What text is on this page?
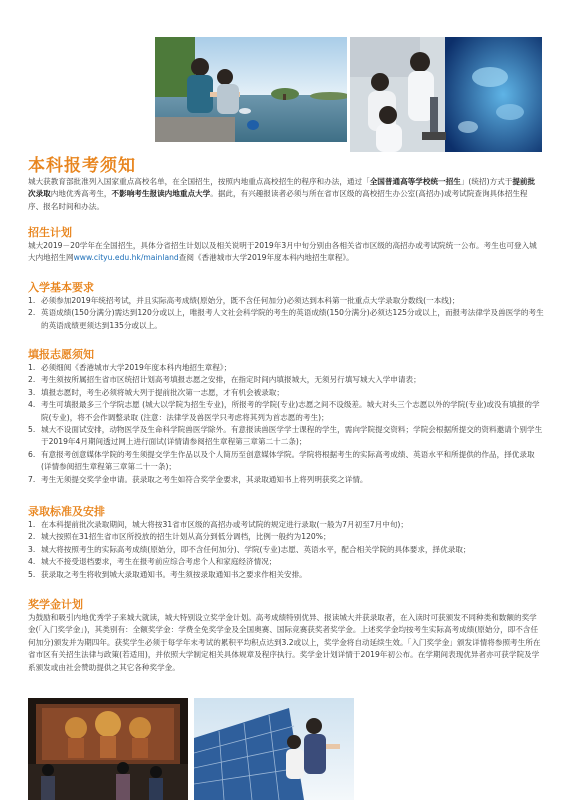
本科报考须知

城大获教育部批准列入国家重点高校名单，在全国招生，按照内地重点高校招生的程序和办法，通过「全国普通高等学校统一招生」(统招)方式于提前批次录取内地优秀高考生，不影响考生报读内地重点大学。据此，有兴趣报读者必须与所在省市区级的高校招生办公室(高招办)或考试院查询具体招生程序、报名时间和办法。

招生计划

城大2019－20学年在全国招生，具体分省招生计划以及相关说明于2019年3月中旬分别由各相关省市区级的高招办或考试院统一公布。考生也可登入城大内地招生网www.cityu.edu.hk/mainland查阅《香港城市大学2019年度本科内地招生章程》。

入学基本要求
1. 必须参加2019年统招考试，并且实际高考成绩(原始分，既不含任何加分)必须达到本科第一批重点大学录取分数线(一本线)；
2. 英语成绩(150分满分)需达到120分或以上，唯报考人文社会科学院的考生的英语成绩(150分满分)必须达125分或以上，而报考法律学及兽医学的考生的英语成绩更须达到135分或以上。
填报志愿须知
1. 必须细阅《香港城市大学2019年度本科内地招生章程》；
2. 考生须按所属招生省市区统招计划高考填报志愿之安排，在指定时间内填报城大，无须另行填写城大入学申请表；
3. 填报志愿时，考生必须将城大列于提前批次第一志愿，才有机会被录取；
4. 考生可填报最多三个学院志愿 (城大以学院为招生专业)，所报考的学院(专业)志愿之间不设级差。城大对头三个志愿以外的学院(专业)或没有填报的学院(专业)，将不会作调整录取 (注意：法律学及兽医学只考虑将其列为首志愿的考生)；
5. 城大不设面试安排，动物医学及生命科学院兽医学除外。有意报读兽医学学士课程的学生，需向学院提交资料；学院会根据所提交的资料邀请个别学生于2019年4月期间透过网上进行面试(详情请参阅招生章程第三章第二十二条)；
6. 有意报考创意媒体学院的考生须提交学生作品以及个人简历至创意媒体学院。学院将根据考生的实际高考成绩、英语水平和所提供的作品，择优录取(详情参阅招生章程第三章第二十一条)；
7. 考生无须提交奖学金申请。获录取之考生如符合奖学金要求，其录取通知书上将列明获奖之详情。
录取标准及安排
1. 在本科提前批次录取期间，城大将按31省市区级的高招办或考试院的规定进行录取(一般为7月初至7月中旬)；
2. 城大按照在31招生省市区所投放的招生计划从高分到低分调档，比例一般约为120%；
3. 城大将按照考生的实际高考成绩(原始分，即不含任何加分)、学院(专业)志愿、英语水平，配合相关学院的具体要求，择优录取；
4. 城大不接受退档要求，考生在报考前应综合考虑个人和家庭经济情况；
5. 获录取之考生将收到城大录取通知书。考生须按录取通知书之要求作相关安排。
奖学金计划

为鼓励和吸引内地优秀学子来城大就读，城大特别设立奖学金计划。高考成绩特别优异、报读城大并获录取者，在入读时可获颁发不同种类和数额的奖学金(「入门奖学金」)，其类别有：全额奖学金：学费全免奖学金及全国奥赛、国际竞赛获奖者奖学金。上述奖学金均按考生实际高考成绩(原始分，即不含任何加分)颁发并为期四年。获奖学生必须于每学年末考试的累积平均积点达到3.2或以上，奖学金将自动延续生效。「入门奖学金」颁发详情将参照考生所在省市区有关招生法律与政策(若适用)，并依照大学制定相关具体规章及程序执行。奖学金计划详情于2019年初公布。在学期间表现优异者亦可获学院及学系颁发或由社会赞助提供之其它各种奖学金。
